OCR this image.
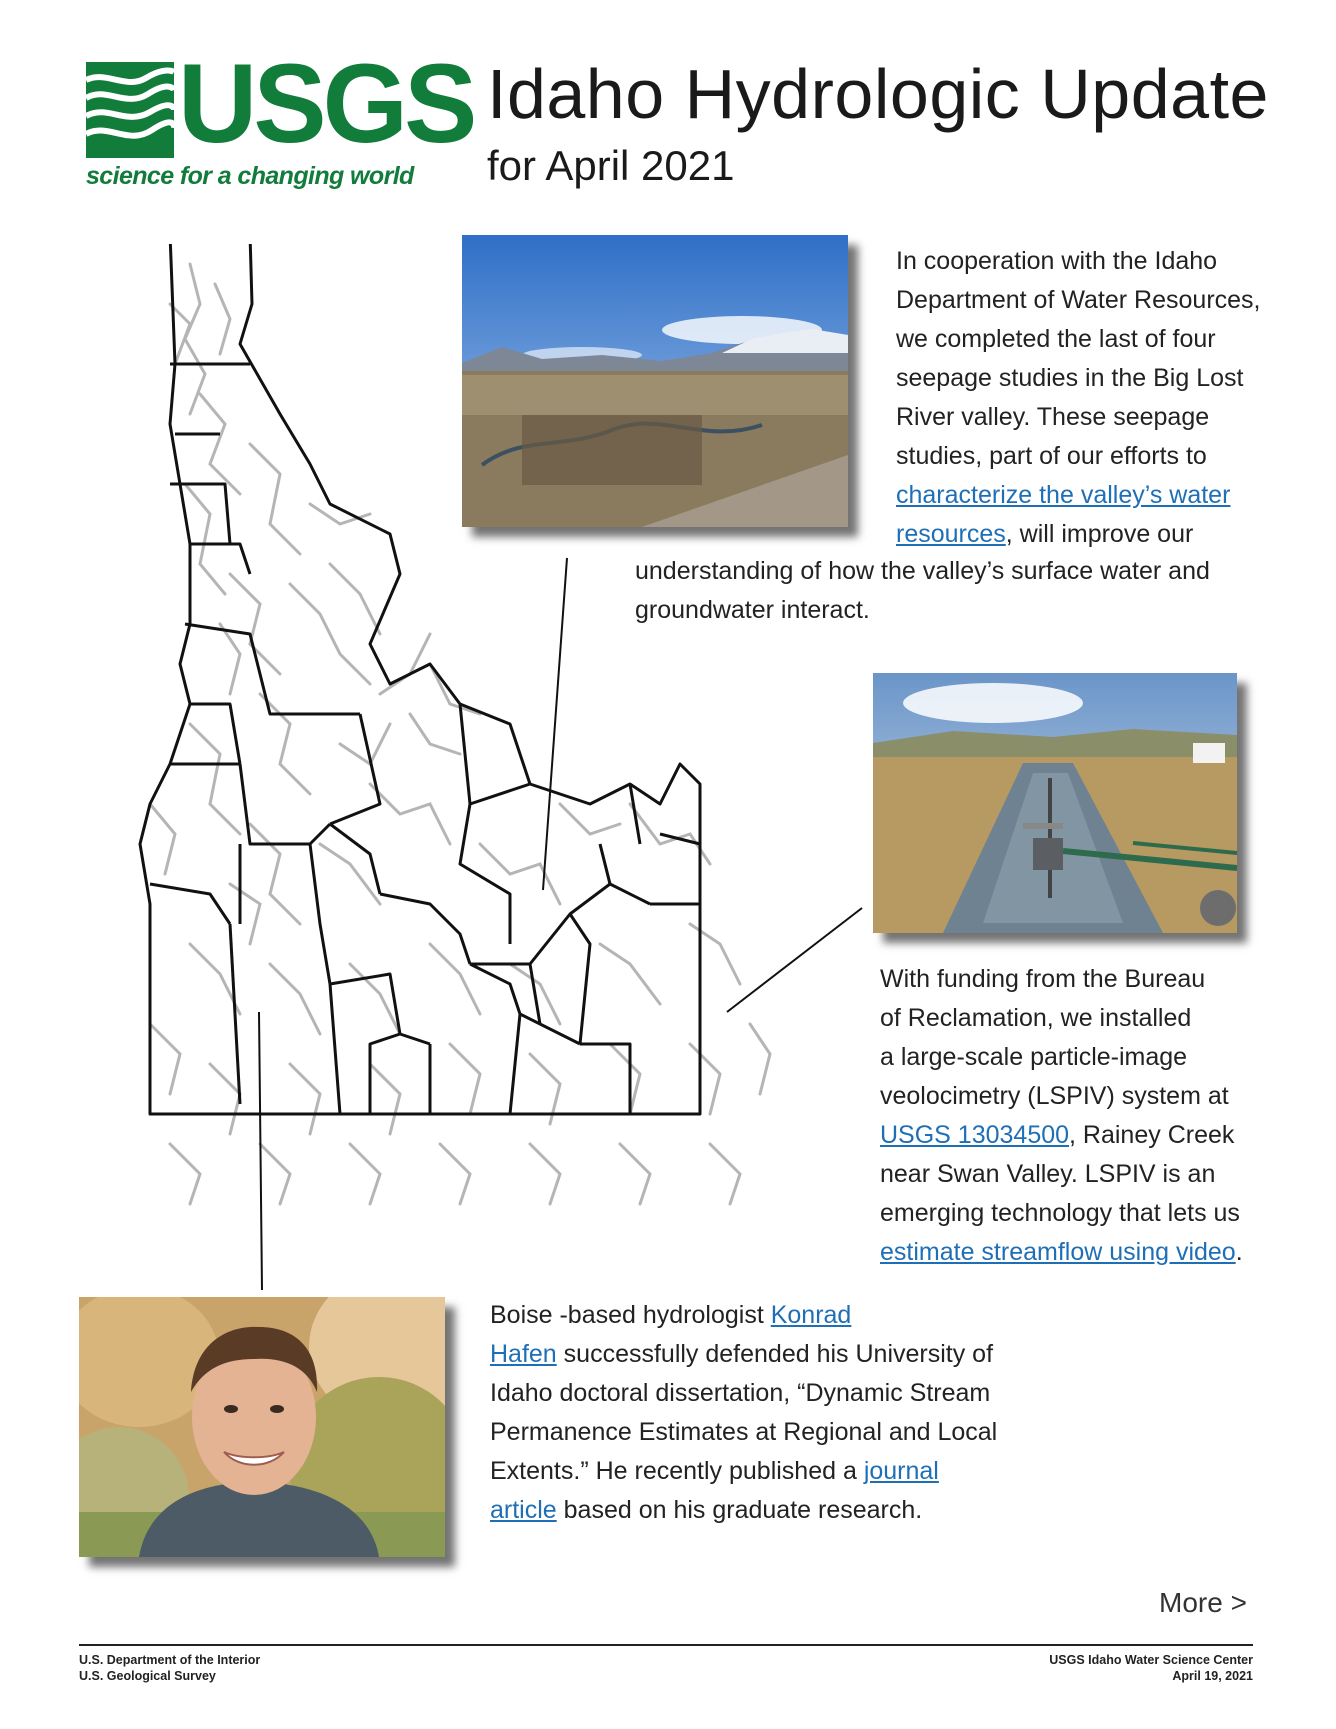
USGS
science for a changing world
Idaho Hydrologic Update
for April 2021
In cooperation with the Idaho
Department of Water Resources,
we completed the last of four
seepage studies in the Big Lost
River valley. These seepage
studies, part of our efforts to
characterize the valley’s water
resources, will improve our
understanding of how the valley’s surface water and
groundwater interact.
With funding from the Bureau
of Reclamation, we installed
a large-scale particle-image
veolocimetry (LSPIV) system at
USGS 13034500, Rainey Creek
near Swan Valley. LSPIV is an
emerging technology that lets us
estimate streamflow using video.
Boise -based hydrologist Konrad
Hafen successfully defended his University of
Idaho doctoral dissertation, “Dynamic Stream
Permanence Estimates at Regional and Local
Extents.” He recently published a journal
article based on his graduate research.
More >
U.S. Department of the Interior
U.S. Geological Survey
USGS Idaho Water Science Center
April 19, 2021
